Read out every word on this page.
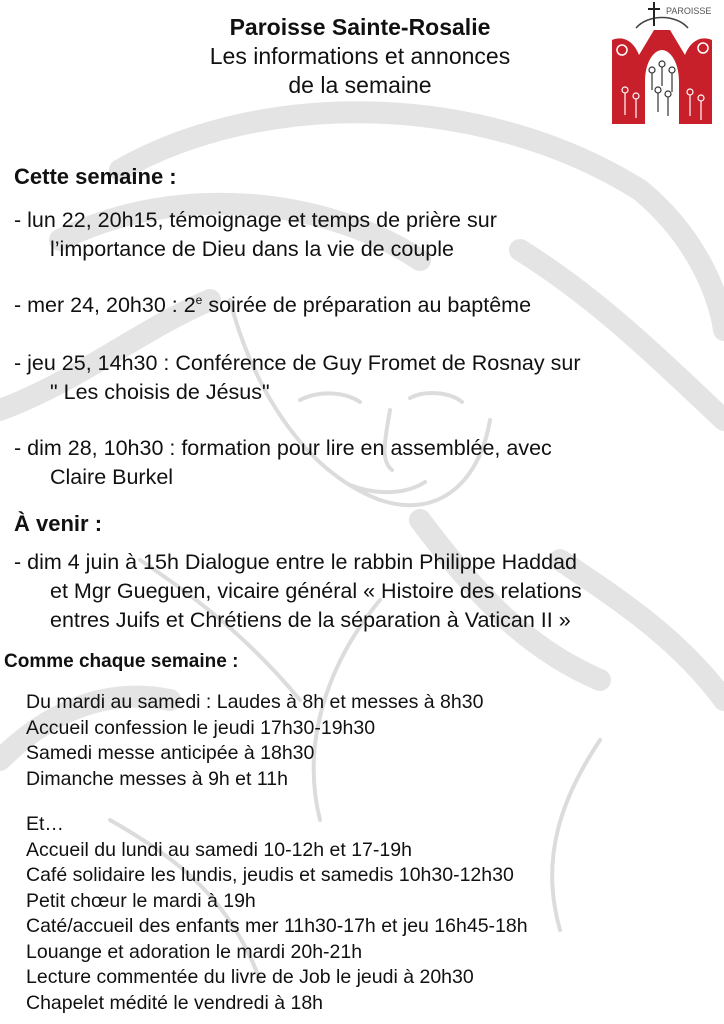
Paroisse Sainte-Rosalie
Les informations et annonces
de la semaine
PAROISSE
Cette semaine :
- lun 22, 20h15, témoignage et temps de prière sur
l’importance de Dieu dans la vie de couple
- mer 24, 20h30 : 2e soirée de préparation au baptême
- jeu 25, 14h30 : Conférence de Guy Fromet de Rosnay sur
" Les choisis de Jésus"
- dim 28, 10h30 : formation pour lire en assemblée, avec
Claire Burkel
À venir :
- dim 4 juin à 15h Dialogue entre le rabbin Philippe Haddad
et Mgr Gueguen, vicaire général « Histoire des relations
entres Juifs et Chrétiens de la séparation à Vatican II »
Comme chaque semaine :
Du mardi au samedi : Laudes à 8h et messes à 8h30
Accueil confession le jeudi 17h30-19h30
Samedi messe anticipée à 18h30
Dimanche messes à 9h et 11h
Et…
Accueil du lundi au samedi 10-12h et 17-19h
Café solidaire les lundis, jeudis et samedis 10h30-12h30
Petit chœur le mardi à 19h
Caté/accueil des enfants mer 11h30-17h et jeu 16h45-18h
Louange et adoration le mardi 20h-21h
Lecture commentée du livre de Job le jeudi à 20h30
Chapelet médité le vendredi à 18h
